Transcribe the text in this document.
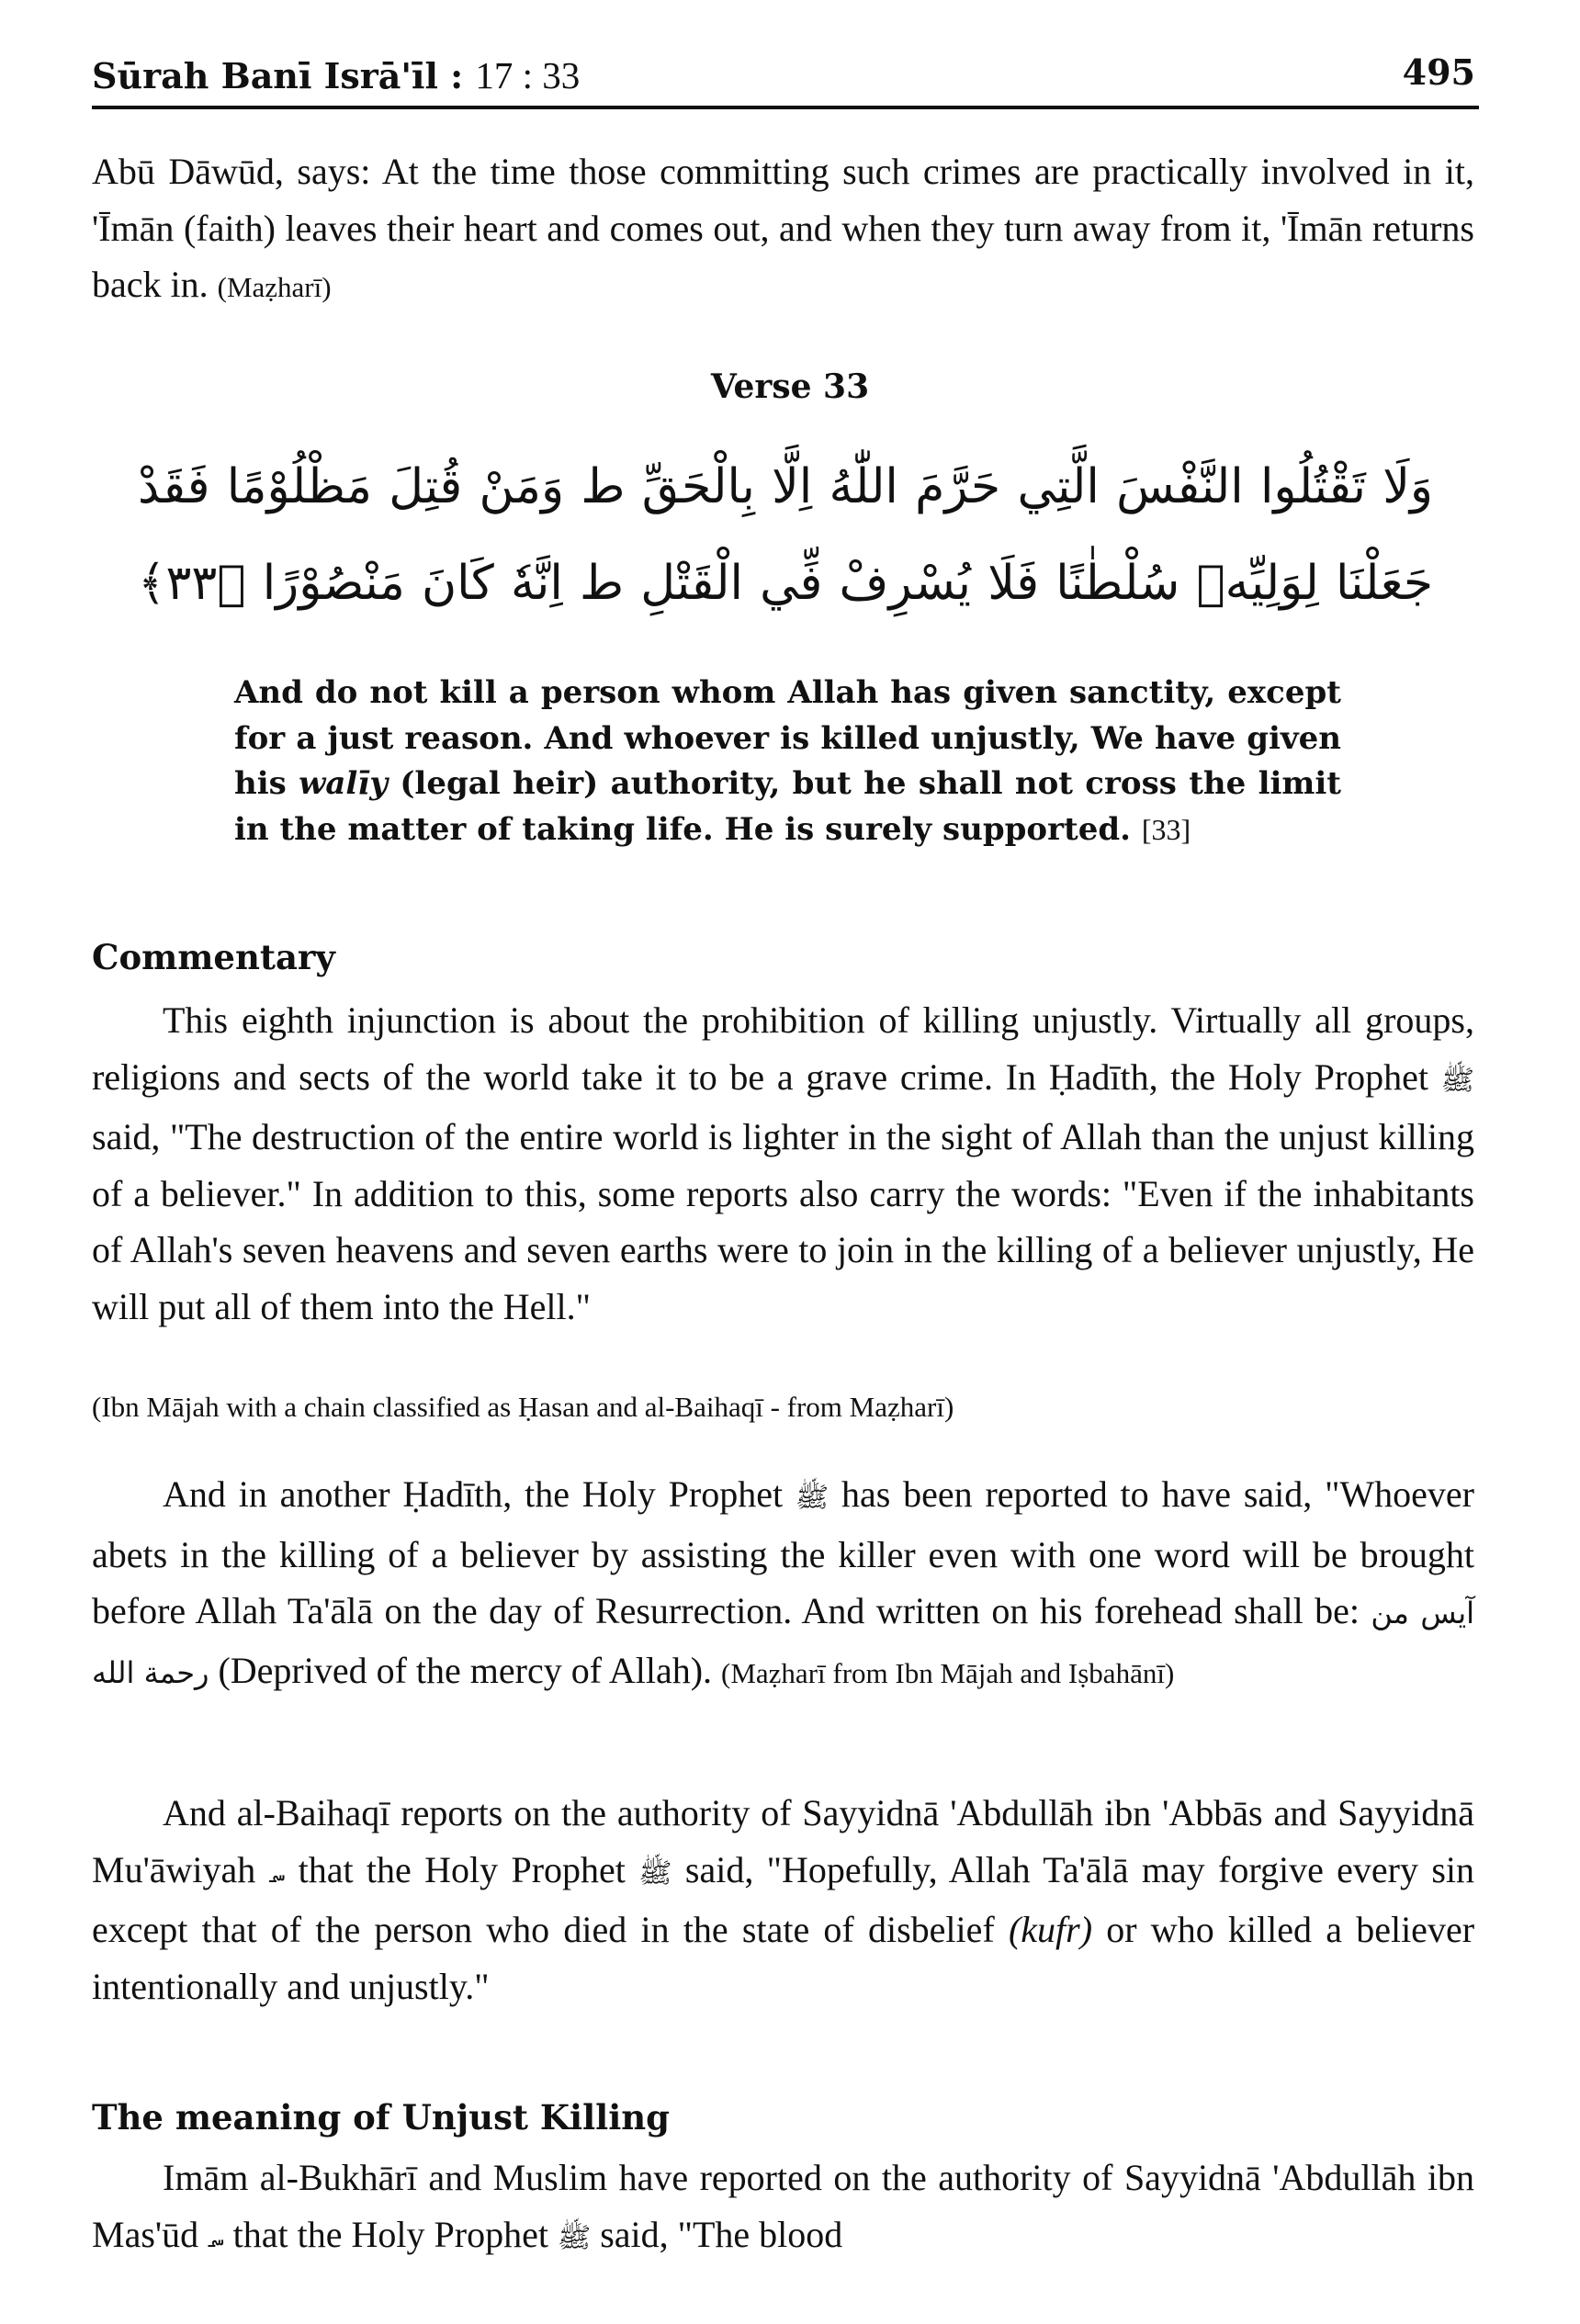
Sūrah Banī Isrā'īl : 17 : 33	495
Abū Dāwūd, says: At the time those committing such crimes are practically involved in it, 'Īmān (faith) leaves their heart and comes out, and when they turn away from it, 'Īmān returns back in. (Maẓharī)
Verse 33
وَلَا تَقْتُلُوا النَّفْسَ الَّتِي حَرَّمَ اللّٰهُ اِلَّا بِالْحَقِّ ط وَمَنْ قُتِلَ مَظْلُوْمًا فَقَدْ
جَعَلْنَا لِوَلِيِّهٖ سُلْطٰنًا فَلَا يُسْرِفْ فِّي الْقَتْلِ ط اِنَّهٗ كَانَ مَنْصُوْرًا ﴿۳۳﴾
And do not kill a person whom Allah has given sanctity, except for a just reason. And whoever is killed unjustly, We have given his walīy (legal heir) authority, but he shall not cross the limit in the matter of taking life. He is surely supported. [33]
Commentary
This eighth injunction is about the prohibition of killing unjustly. Virtually all groups, religions and sects of the world take it to be a grave crime. In Ḥadīth, the Holy Prophet ﷺ said, "The destruction of the entire world is lighter in the sight of Allah than the unjust killing of a believer." In addition to this, some reports also carry the words: "Even if the inhabitants of Allah's seven heavens and seven earths were to join in the killing of a believer unjustly, He will put all of them into the Hell."
(Ibn Mājah with a chain classified as Ḥasan and al-Baihaqī - from Maẓharī)
And in another Ḥadīth, the Holy Prophet ﷺ has been reported to have said, "Whoever abets in the killing of a believer by assisting the killer even with one word will be brought before Allah Ta'ālā on the day of Resurrection. And written on his forehead shall be: آيس من رحمة الله (Deprived of the mercy of Allah). (Maẓharī from Ibn Mājah and Iṣbahānī)
And al-Baihaqī reports on the authority of Sayyidnā 'Abdullāh ibn 'Abbās and Sayyidnā Mu'āwiyah ؄ that the Holy Prophet ﷺ said, "Hopefully, Allah Ta'ālā may forgive every sin except that of the person who died in the state of disbelief (kufr) or who killed a believer intentionally and unjustly."
The meaning of Unjust Killing
Imām al-Bukhārī and Muslim have reported on the authority of Sayyidnā 'Abdullāh ibn Mas'ūd ؄ that the Holy Prophet ﷺ said, "The blood
